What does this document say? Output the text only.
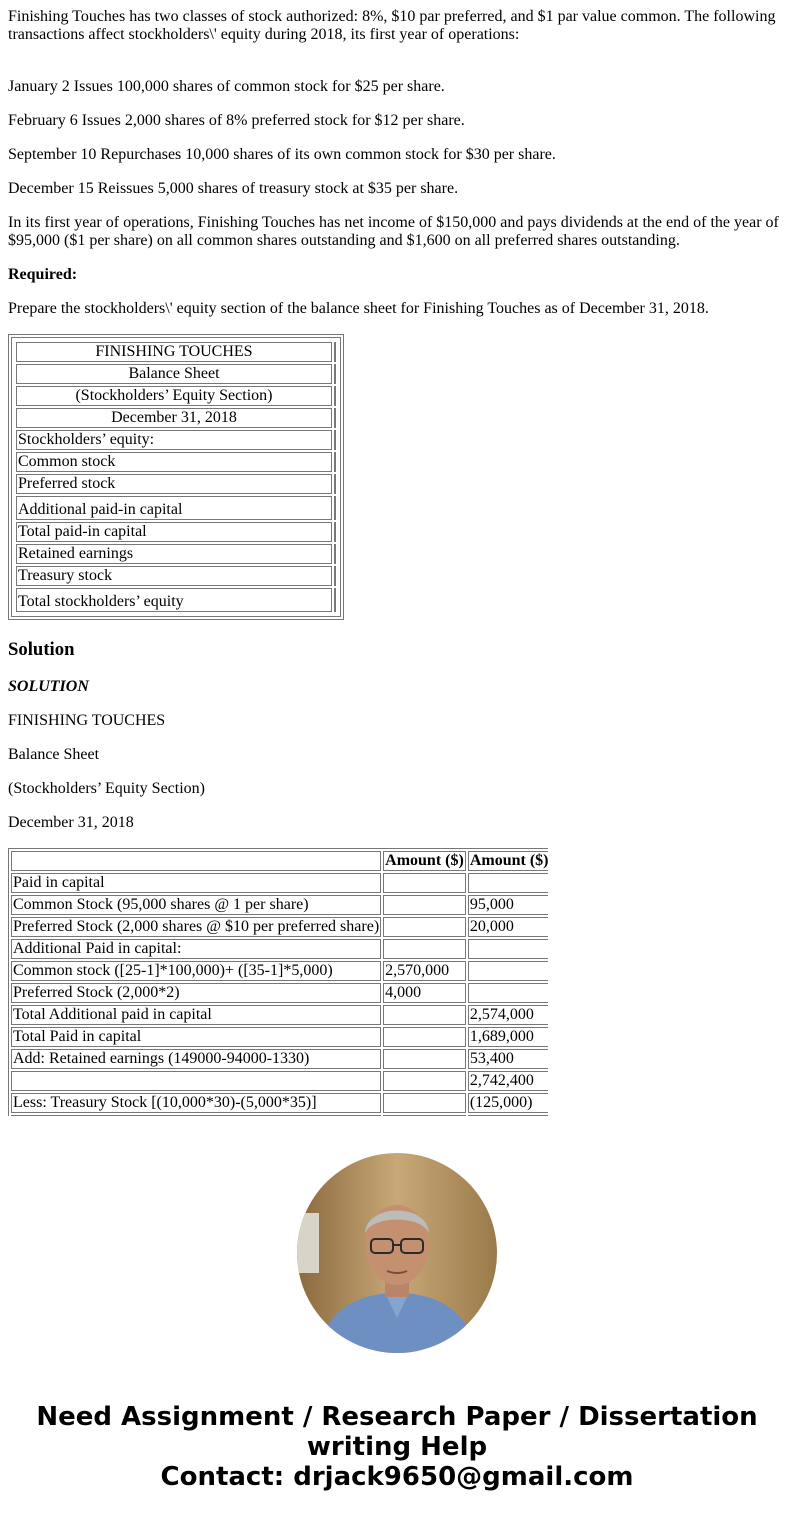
Finishing Touches has two classes of stock authorized: 8%, $10 par preferred, and $1 par value common. The following transactions affect stockholders\' equity during 2018, its first year of operations:

January 2 Issues 100,000 shares of common stock for $25 per share.

February 6 Issues 2,000 shares of 8% preferred stock for $12 per share.

September 10 Repurchases 10,000 shares of its own common stock for $30 per share.

December 15 Reissues 5,000 shares of treasury stock at $35 per share.

In its first year of operations, Finishing Touches has net income of $150,000 and pays dividends at the end of the year of $95,000 ($1 per share) on all common shares outstanding and $1,600 on all preferred shares outstanding.

Required:

Prepare the stockholders\' equity section of the balance sheet for Finishing Touches as of December 31, 2018.

FINISHING TOUCHES	
Balance Sheet	
(Stockholders’ Equity Section)	
December 31, 2018	
Stockholders’ equity:	
Common stock	
Preferred stock	
Additional paid-in capital	
Total paid-in capital	
Retained earnings	
Treasury stock	
Total stockholders’ equity	
Solution

SOLUTION

FINISHING TOUCHES

Balance Sheet

(Stockholders’ Equity Section)

December 31, 2018

	Amount ($)	Amount ($)
Paid in capital		
Common Stock (95,000 shares @ 1 per share)		95,000
Preferred Stock (2,000 shares @ $10 per preferred share)		20,000
Additional Paid in capital:		
Common stock ([25-1]*100,000)+ ([35-1]*5,000)	2,570,000	
Preferred Stock (2,000*2)	4,000	
Total Additional paid in capital		2,574,000
Total Paid in capital		1,689,000
Add: Retained earnings (149000-94000-1330)		53,400
		2,742,400
Less: Treasury Stock [(10,000*30)-(5,000*35)]		(125,000)

Need Assignment / Research Paper / Dissertation
writing Help
Contact: drjack9650@gmail.com
